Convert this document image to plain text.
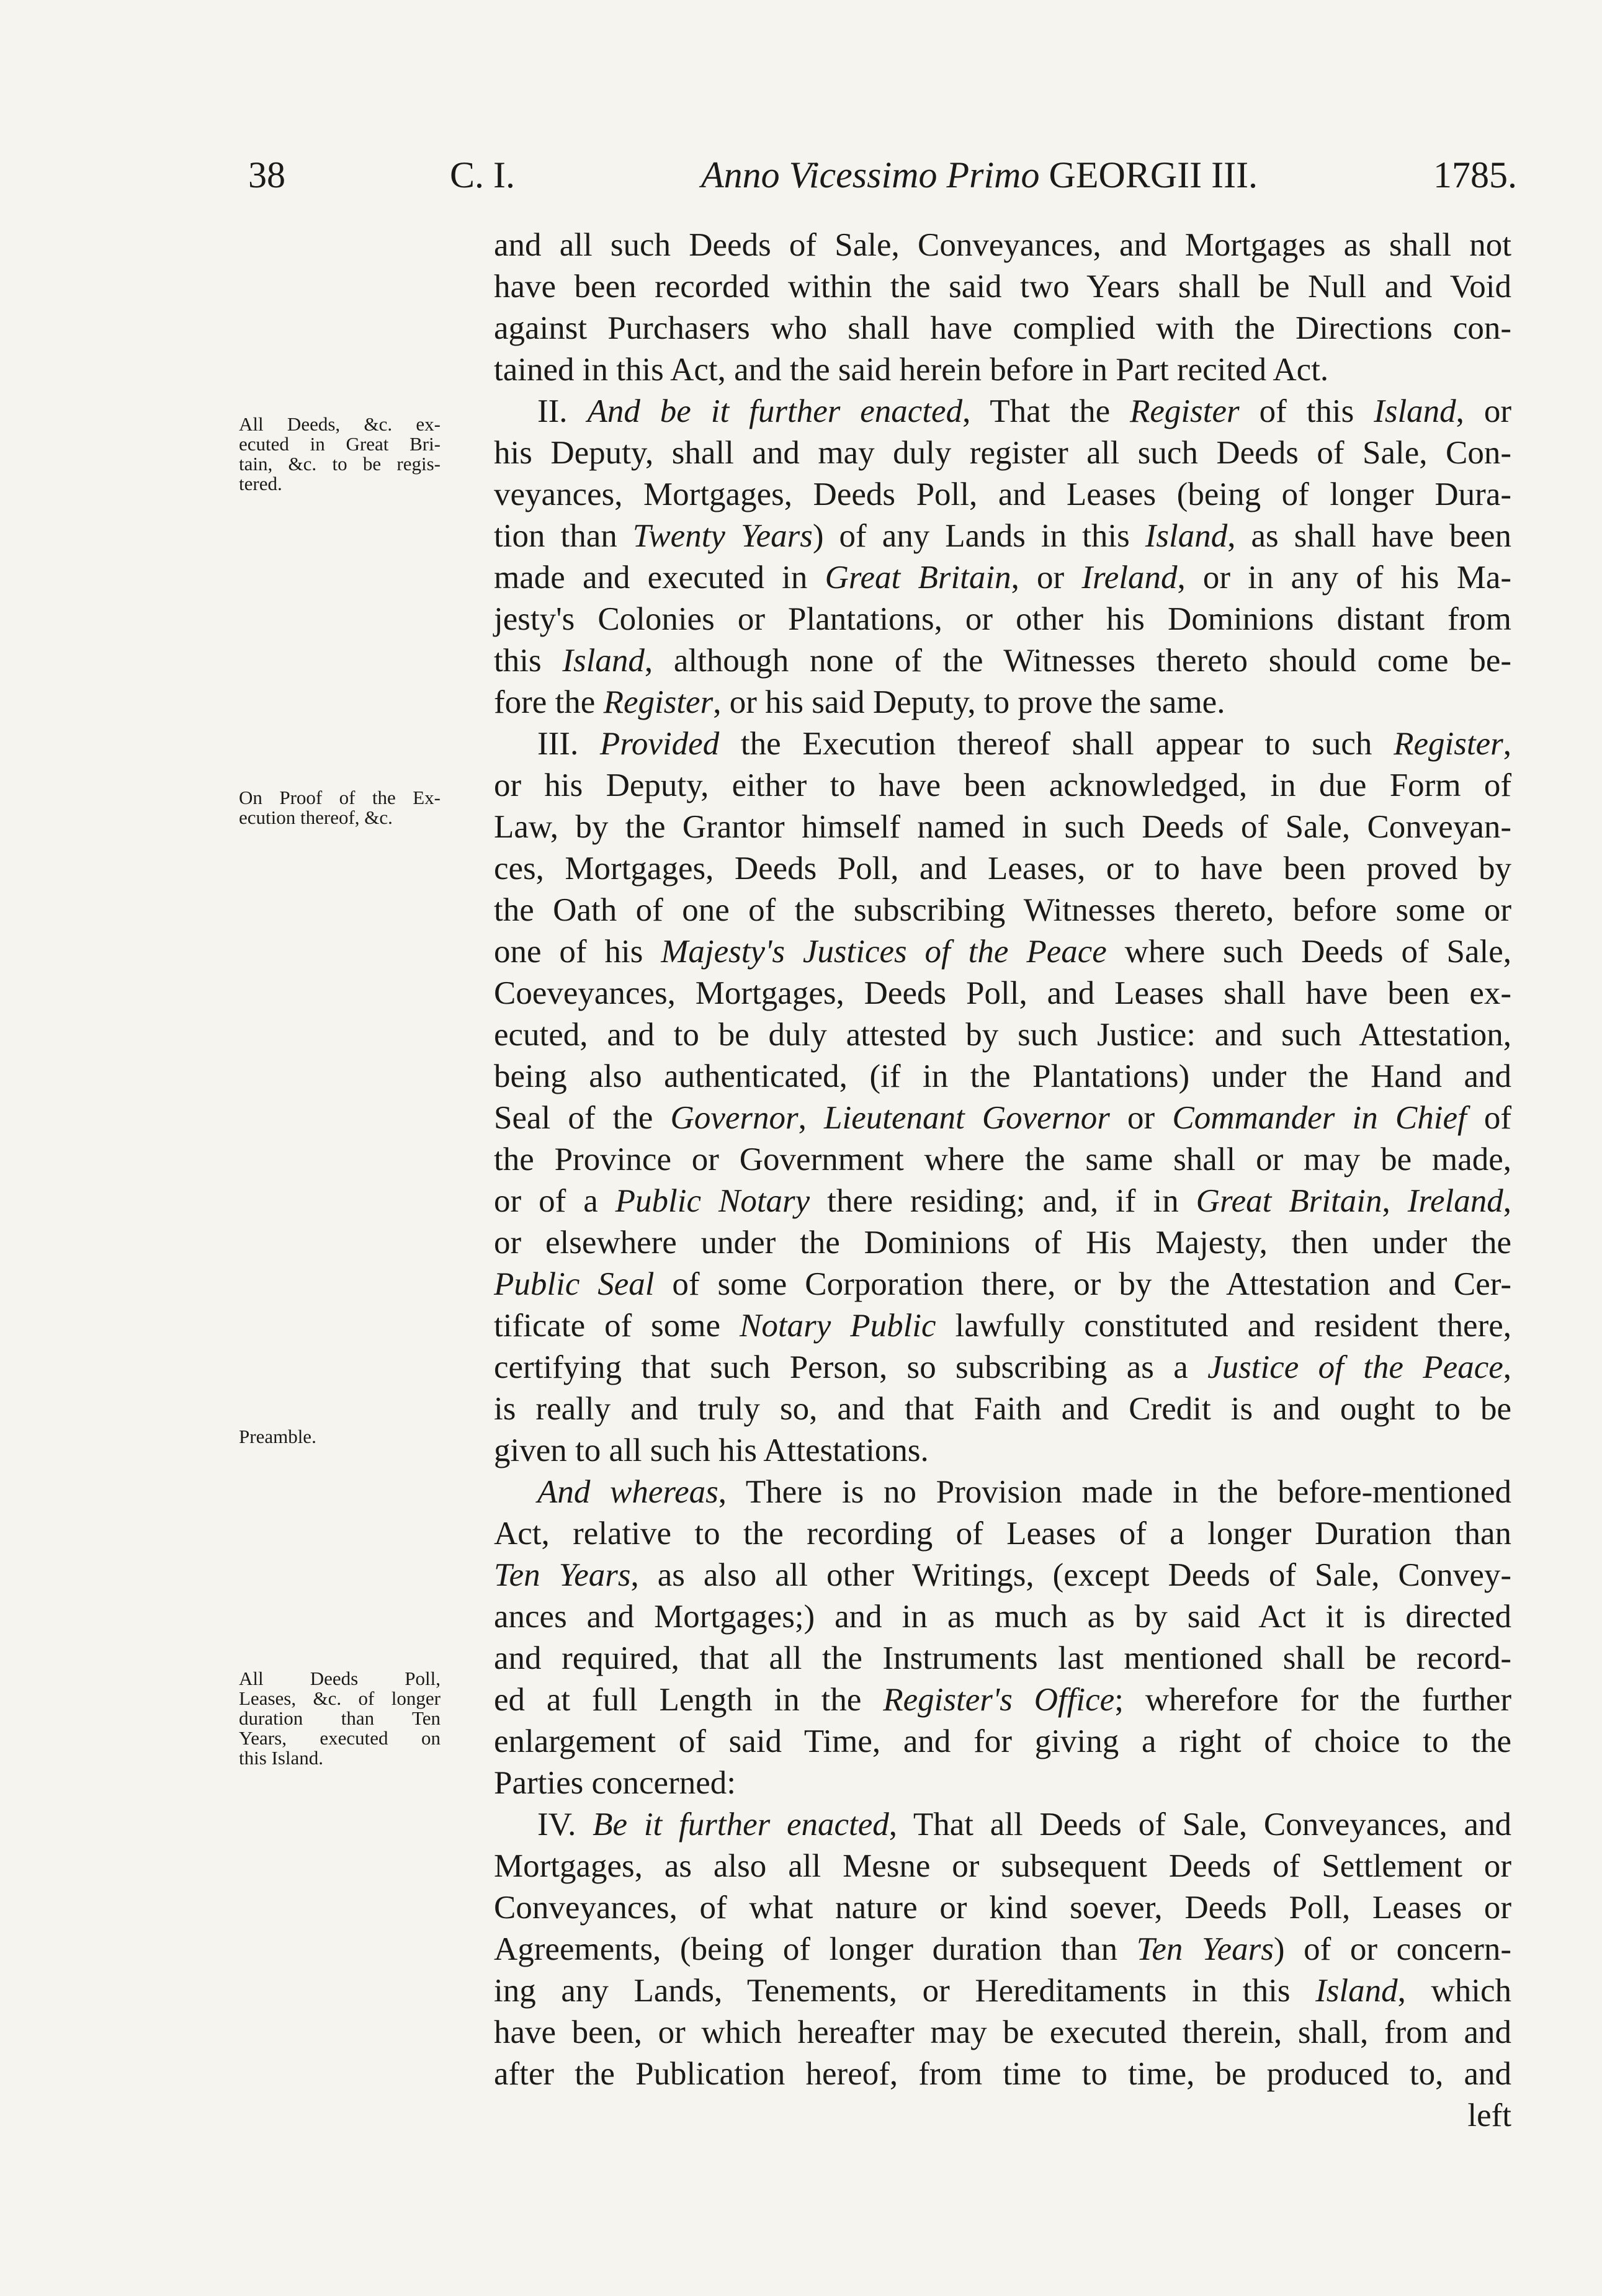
38	C. I.	Anno Vicessimo Primo GEORGII III.	1785.
All Deeds, &c. ex-
ecuted in Great Bri-
tain, &c. to be regis-
tered.
On Proof of the Ex-
ecution thereof, &c.
Preamble.
All Deeds Poll,
Leases, &c. of longer
duration than Ten
Years, executed on
this Island.
and all such Deeds of Sale, Conveyances, and Mortgages as shall not
have been recorded within the said two Years shall be Null and Void
against Purchasers who shall have complied with the Directions con-
tained in this Act, and the said herein before in Part recited Act.
II. And be it further enacted, That the Register of this Island, or
his Deputy, shall and may duly register all such Deeds of Sale, Con-
veyances, Mortgages, Deeds Poll, and Leases (being of longer Dura-
tion than Twenty Years) of any Lands in this Island, as shall have been
made and executed in Great Britain, or Ireland, or in any of his Ma-
jesty's Colonies or Plantations, or other his Dominions distant from
this Island, although none of the Witnesses thereto should come be-
fore the Register, or his said Deputy, to prove the same.
III. Provided the Execution thereof shall appear to such Register,
or his Deputy, either to have been acknowledged, in due Form of
Law, by the Grantor himself named in such Deeds of Sale, Conveyan-
ces, Mortgages, Deeds Poll, and Leases, or to have been proved by
the Oath of one of the subscribing Witnesses thereto, before some or
one of his Majesty's Justices of the Peace where such Deeds of Sale,
Coeveyances, Mortgages, Deeds Poll, and Leases shall have been ex-
ecuted, and to be duly attested by such Justice: and such Attestation,
being also authenticated, (if in the Plantations) under the Hand and
Seal of the Governor, Lieutenant Governor or Commander in Chief of
the Province or Government where the same shall or may be made,
or of a Public Notary there residing; and, if in Great Britain, Ireland,
or elsewhere under the Dominions of His Majesty, then under the
Public Seal of some Corporation there, or by the Attestation and Cer-
tificate of some Notary Public lawfully constituted and resident there,
certifying that such Person, so subscribing as a Justice of the Peace,
is really and truly so, and that Faith and Credit is and ought to be
given to all such his Attestations.
And whereas, There is no Provision made in the before-mentioned
Act, relative to the recording of Leases of a longer Duration than
Ten Years, as also all other Writings, (except Deeds of Sale, Convey-
ances and Mortgages;) and in as much as by said Act it is directed
and required, that all the Instruments last mentioned shall be record-
ed at full Length in the Register's Office; wherefore for the further
enlargement of said Time, and for giving a right of choice to the
Parties concerned:
IV. Be it further enacted, That all Deeds of Sale, Conveyances, and
Mortgages, as also all Mesne or subsequent Deeds of Settlement or
Conveyances, of what nature or kind soever, Deeds Poll, Leases or
Agreements, (being of longer duration than Ten Years) of or concern-
ing any Lands, Tenements, or Hereditaments in this Island, which
have been, or which hereafter may be executed therein, shall, from and
after the Publication hereof, from time to time, be produced to, and
left
